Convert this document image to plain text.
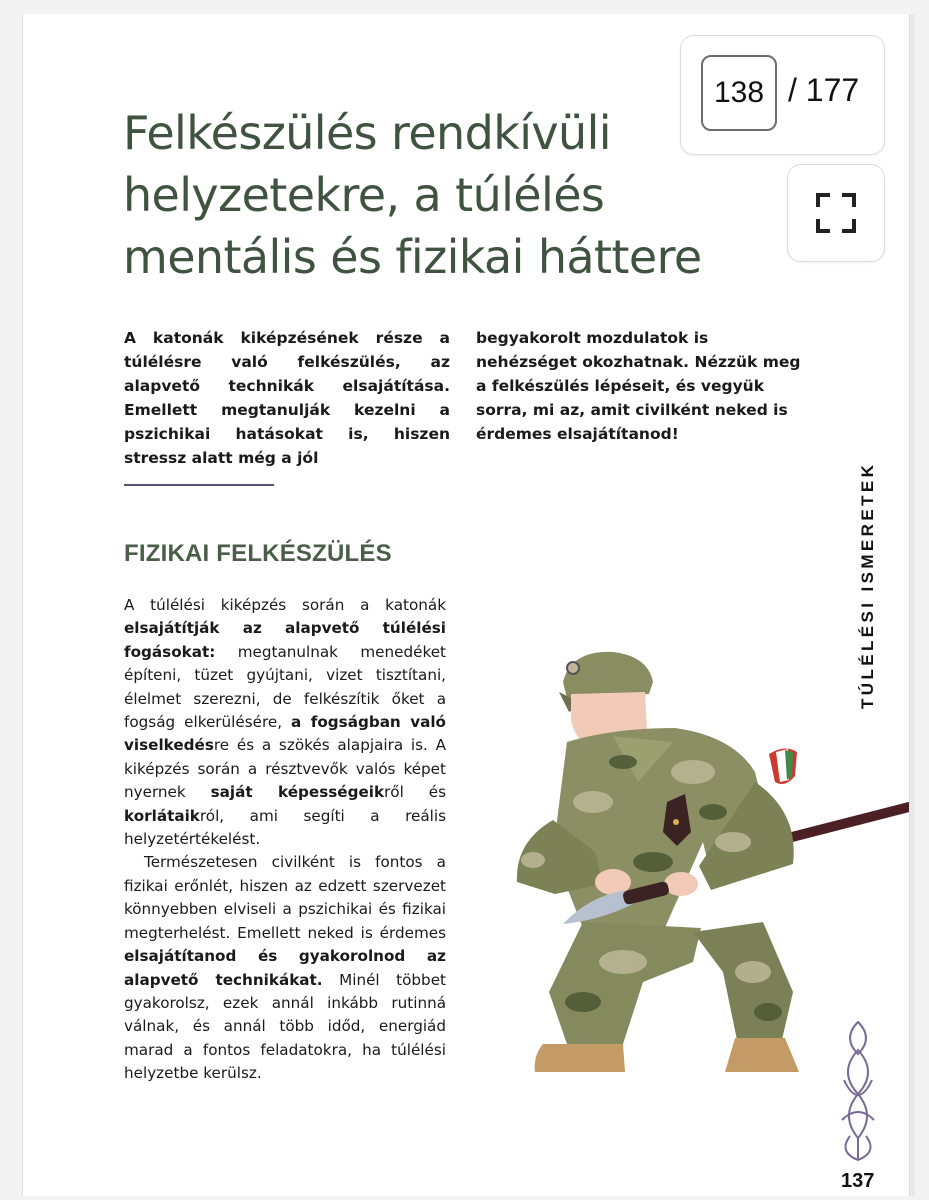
Felkészülés rendkívüli helyzetekre, a túlélés mentális és fizikai háttere
138 / 177

A katonák kiképzésének része a túlélésre való felkészülés, az alapvető technikák elsajátítása. Emellett megtanulják kezelni a pszichikai hatásokat is, hiszen stressz alatt még a jól

begyakorolt mozdulatok is nehézséget okozhatnak. Nézzük meg a felkészülés lépéseit, és vegyük sorra, mi az, amit civilként neked is érdemes elsajátítanod!

FIZIKAI FELKÉSZÜLÉS

A túlélési kiképzés során a katonák elsajátítják az alapvető túlélési fogásokat: megtanulnak menedéket építeni, tüzet gyújtani, vizet tisztítani, élelmet szerezni, de felkészítik őket a fogság elkerülésére, a fogságban való viselkedésre és a szökés alapjaira is. A kiképzés során a résztvevők valós képet nyernek saját képességeikről és korlátaikról, ami segíti a reális helyzetértékelést.

Természetesen civilként is fontos a fizikai erőnlét, hiszen az edzett szervezet könnyebben elviseli a pszichikai és fizikai megterhelést. Emellett neked is érdemes elsajátítanod és gyakorolnod az alapvető technikákat. Minél többet gyakorolsz, ezek annál inkább rutinná válnak, és annál több időd, energiád marad a fontos feladatokra, ha túlélési helyzetbe kerülsz.

TÚLÉLÉSI ISMERETEK
137
